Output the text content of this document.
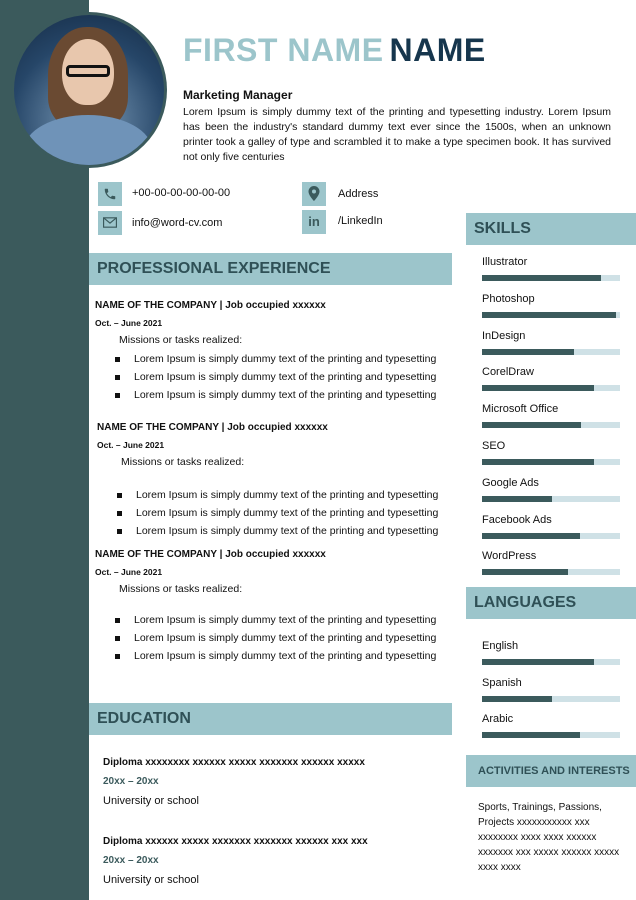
FIRST NAME NAME
Marketing Manager
Lorem Ipsum is simply dummy text of the printing and typesetting industry. Lorem Ipsum has been the industry's standard dummy text ever since the 1500s, when an unknown printer took a galley of type and scrambled it to make a type specimen book. It has survived not only five centuries
+00-00-00-00-00-00
info@word-cv.com
Address
in	/LinkedIn
PROFESSIONAL EXPERIENCE
EDUCATION
SKILLS
LANGUAGES
ACTIVITIES AND INTERESTS
NAME OF THE COMPANY | Job occupied xxxxxx
Oct. – June 2021
Missions or tasks realized:
Lorem Ipsum is simply dummy text of the printing and typesetting
Lorem Ipsum is simply dummy text of the printing and typesetting
Lorem Ipsum is simply dummy text of the printing and typesetting
NAME OF THE COMPANY | Job occupied xxxxxx
Oct. – June 2021
Missions or tasks realized:
Lorem Ipsum is simply dummy text of the printing and typesetting
Lorem Ipsum is simply dummy text of the printing and typesetting
Lorem Ipsum is simply dummy text of the printing and typesetting
NAME OF THE COMPANY | Job occupied xxxxxx
Oct. – June 2021
Missions or tasks realized:
Lorem Ipsum is simply dummy text of the printing and typesetting
Lorem Ipsum is simply dummy text of the printing and typesetting
Lorem Ipsum is simply dummy text of the printing and typesetting
Diploma xxxxxxxx xxxxxx xxxxx xxxxxxx xxxxxx xxxxx
20xx – 20xx
University or school
Diploma xxxxxx xxxxx xxxxxxx xxxxxxx xxxxxx xxx xxx
20xx – 20xx
University or school
Illustrator
Photoshop
InDesign
CorelDraw
Microsoft Office
SEO
Google Ads
Facebook Ads
WordPress
English
Spanish
Arabic
Sports, Trainings, Passions, Projects xxxxxxxxxxx xxx xxxxxxxx xxxx xxxx xxxxxx xxxxxxx xxx xxxxx xxxxxx xxxxx xxxx xxxx
